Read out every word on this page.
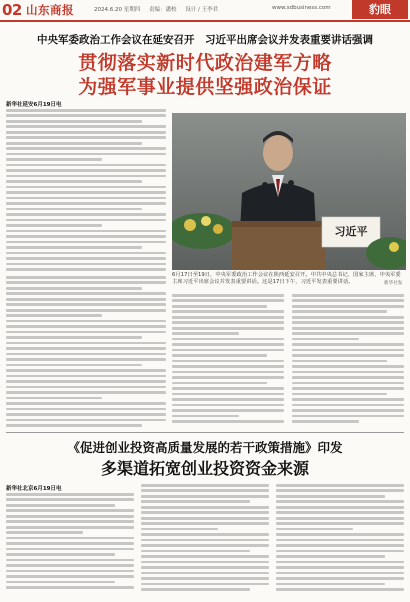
02 山东商报	2024.6.20 星期四 责编：潘校 设计 / 王李君	www.sdbusiness.com	豹眼
中央军委政治工作会议在延安召开　习近平出席会议并发表重要讲话强调
贯彻落实新时代政治建军方略
为强军事业提供坚强政治保证
新华社延安6月19日电
习近平
6月17日至19日，中央军委政治工作会议在陕西延安召开。中共中央总书记、国家主席、中央军委主席习近平出席会议并发表重要讲话。这是17日下午，习近平发表重要讲话。	新华社发
《促进创业投资高质量发展的若干政策措施》印发
多渠道拓宽创业投资资金来源
新华社北京6月19日电
